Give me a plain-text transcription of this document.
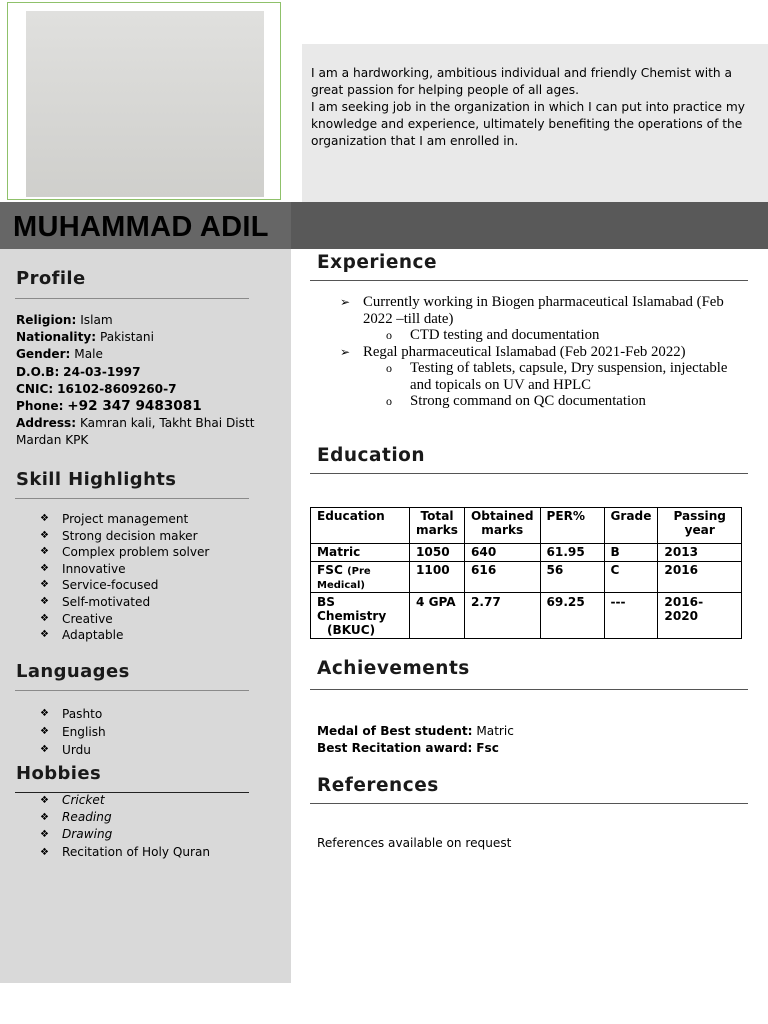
I am a hardworking, ambitious individual and friendly Chemist with a great passion for helping people of all ages.

I am seeking job in the organization in which I can put into practice my knowledge and experience, ultimately benefiting the operations of the organization that I am enrolled in.

MUHAMMAD ADIL
Profile
Religion: Islam
Nationality: Pakistani
Gender: Male
D.O.B: 24-03-1997
CNIC: 16102-8609260-7
Phone: +92 347 9483081
Address: Kamran kali, Takht Bhai Distt
Mardan KPK
Skill Highlights
❖	Project management
❖	Strong decision maker
❖	Complex problem solver
❖	Innovative
❖	Service-focused
❖	Self-motivated
❖	Creative
❖	Adaptable
Languages
❖	Pashto
❖	English
❖	Urdu
Hobbies
❖	Cricket
❖	Reading
❖	Drawing
❖	Recitation of Holy Quran
Experience
➢ Currently working in Biogen pharmaceutical Islamabad (Feb 2022 –till date)
o CTD testing and documentation
➢ Regal pharmaceutical Islamabad (Feb 2021-Feb 2022)
o Testing of tablets, capsule, Dry suspension, injectable and topicals on UV and HPLC
o Strong command on QC documentation
Education
Education	Total marks	Obtained marks	PER%	Grade	Passing year
Matric	1050	640	61.95	B	2013
FSC (Pre Medical)	1100	616	56	C	2016

BS Chemistry
(BKUC)	4 GPA	2.77	69.25	---	2016-2020
Achievements
Medal of Best student: Matric
Best Recitation award: Fsc
References
References available on request
